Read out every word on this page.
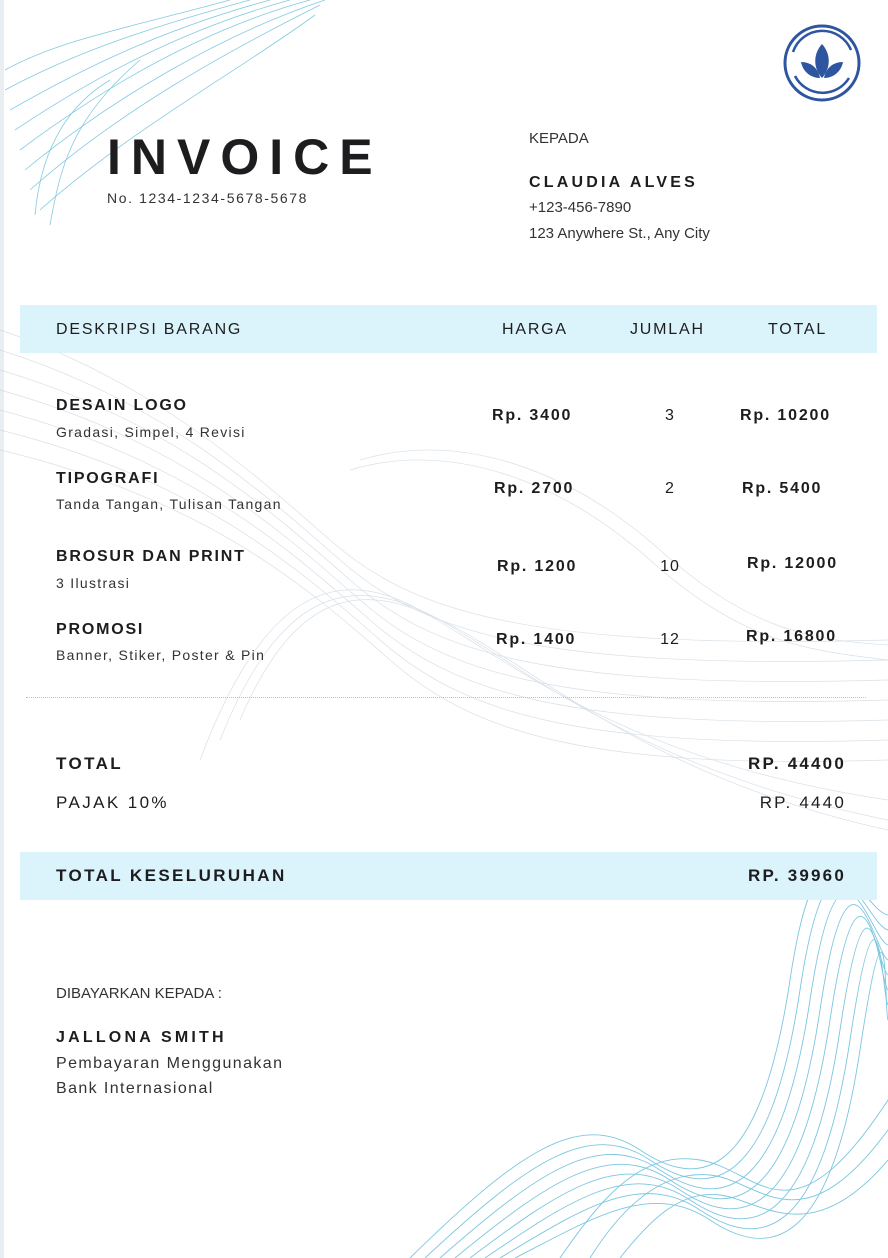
INVOICE
No. 1234-1234-5678-5678
KEPADA
CLAUDIA ALVES
+123-456-7890
123 Anywhere St., Any City
DESKRIPSI BARANG	HARGA	JUMLAH	TOTAL
DESAIN LOGO
Gradasi, Simpel, 4 Revisi
Rp. 3400	3	Rp. 10200
TIPOGRAFI
Tanda Tangan, Tulisan Tangan
Rp. 2700	2	Rp. 5400
BROSUR DAN PRINT
3 Ilustrasi
Rp. 1200	10	Rp. 12000
PROMOSI
Banner, Stiker, Poster & Pin
Rp. 1400	12	Rp. 16800
TOTAL	RP. 44400
PAJAK 10%	RP. 4440
TOTAL KESELURUHAN	RP. 39960
DIBAYARKAN KEPADA :
JALLONA SMITH
Pembayaran Menggunakan
Bank Internasional
